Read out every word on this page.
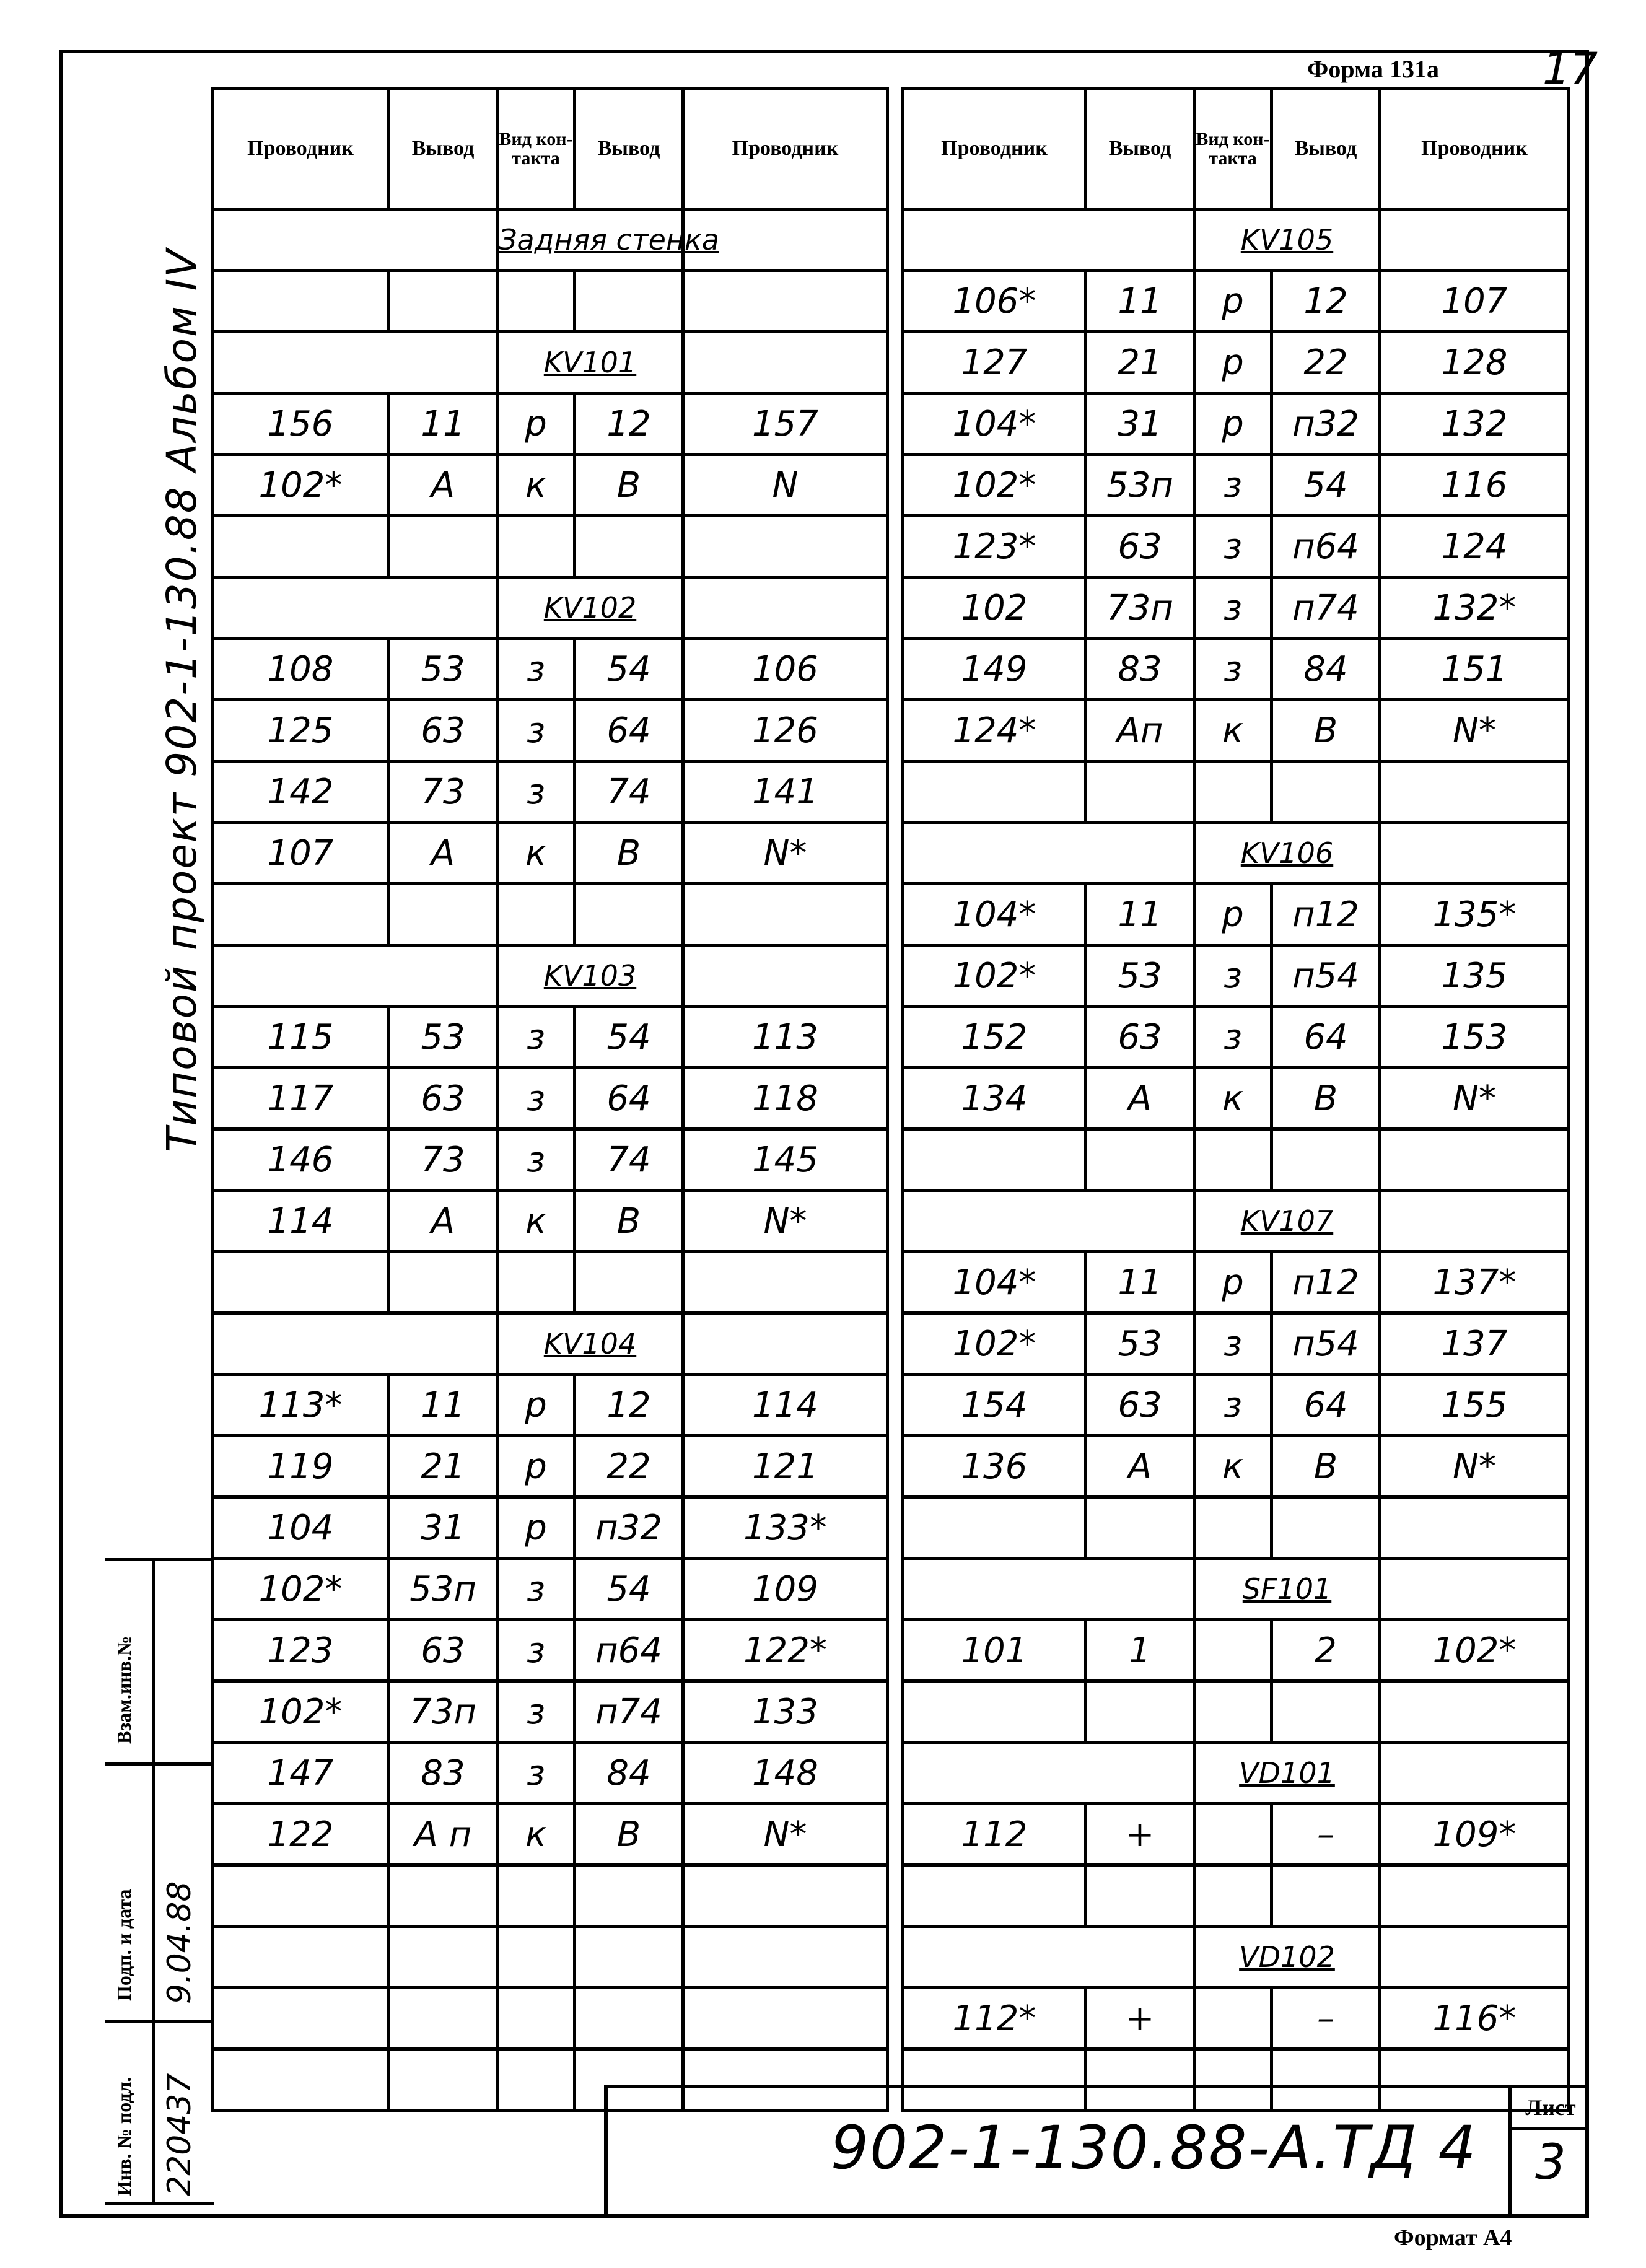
Форма 131а 17
Типовой проект 902-1-130.88 Альбом IV
Проводник	Вывод	Вид кон-такта	Вывод	Проводник
		Задняя стенка		

		KV101		
156	11	р	12	157
102*	А	к	В	N

		KV102		
108	53	з	54	106
125	63	з	64	126
142	73	з	74	141
107	А	к	В	N*

		KV103		
115	53	з	54	113
117	63	з	64	118
146	73	з	74	145
114	А	к	В	N*

		KV104		
113*	11	р	12	114
119	21	р	22	121
104	31	р	п32	133*
102*	53п	з	54	109
123	63	з	п64	122*
102*	73п	з	п74	133
147	83	з	84	148
122	А п	к	В	N*

Проводник	Вывод	Вид кон-такта	Вывод	Проводник
		KV105		
106*	11	р	12	107
127	21	р	22	128
104*	31	р	п32	132
102*	53п	з	54	116
123*	63	з	п64	124
102	73п	з	п74	132*
149	83	з	84	151
124*	Ап	к	В	N*

		KV106		
104*	11	р	п12	135*
102*	53	з	п54	135
152	63	з	64	153
134	А	к	В	N*

		KV107		
104*	11	р	п12	137*
102*	53	з	п54	137
154	63	з	64	155
136	А	к	В	N*

		SF101		
101	1		2	102*

		VD101		
112	+		–	109*

		VD102		
112*	+		–	116*

Инв. № подл.
Подп. и дата
Взам.инв.№
220437
9.04.88
902-1-130.88-А.ТД 4
Лист
3
Формат А4
